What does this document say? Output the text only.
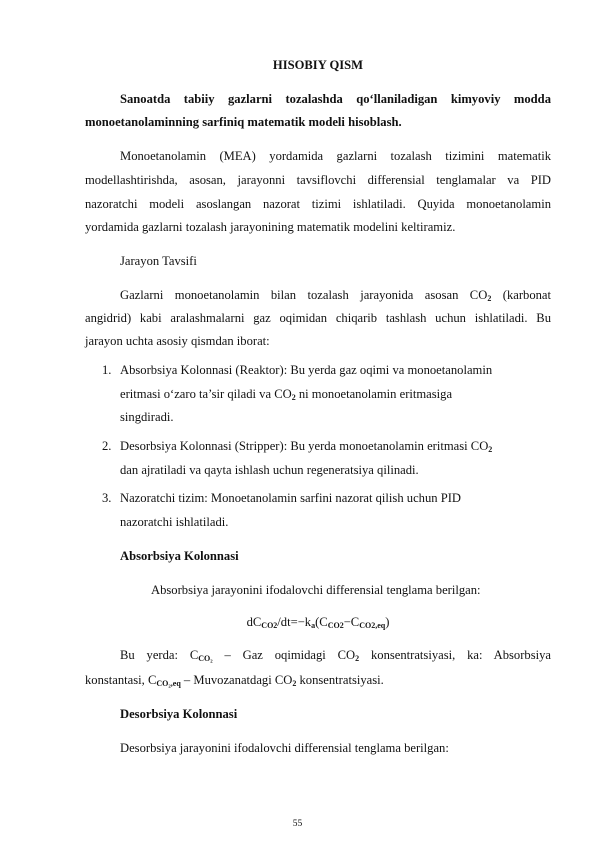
HISOBIY QISM
Sanoatda tabiiy gazlarni tozalashda qo‘llaniladigan kimyoviy modda
monoetanolaminning sarfiniq matematik modeli hisoblash.
Monoetanolamin (MEA) yordamida gazlarni tozalash tizimini matematik
modellashtirishda, asosan, jarayonni tavsiflovchi differensial tenglamalar va PID
nazoratchi modeli asoslangan nazorat tizimi ishlatiladi. Quyida monoetanolamin
yordamida gazlarni tozalash jarayonining matematik modelini keltiramiz.
Jarayon Tavsifi
Gazlarni monoetanolamin bilan tozalash jarayonida asosan $CO_2$ (karbonat
angidrid) kabi aralashmalarni gaz oqimidan chiqarib tashlash uchun ishlatiladi. Bu
jarayon uchta asosiy qismdan iborat:
1. Absorbsiya Kolonnasi (Reaktor): Bu yerda gaz oqimi va monoetanolamin
eritmasi o‘zaro ta’sir qiladi va $CO_2$ ni monoetanolamin eritmasiga
singdiradi.
2. Desorbsiya Kolonnasi (Stripper): Bu yerda monoetanolamin eritmasi $CO_2$
dan ajratiladi va qayta ishlash uchun regeneratsiya qilinadi.
3. Nazoratchi tizim: Monoetanolamin sarfini nazorat qilish uchun PID
nazoratchi ishlatiladi.
Absorbsiya Kolonnasi
Absorbsiya jarayonini ifodalovchi differensial tenglama berilgan:
$dC_{CO2}/dt=-k_a(C_{CO2}-C_{CO2,eq})$
Bu yerda: $C_{CO_2}$ – Gaz oqimidagi $CO_2$ konsentratsiyasi, ka: Absorbsiya
konstantasi, $C_{CO_2,eq}$ – Muvozanatdagi $CO_2$ konsentratsiyasi.
Desorbsiya Kolonnasi
Desorbsiya jarayonini ifodalovchi differensial tenglama berilgan:
55
